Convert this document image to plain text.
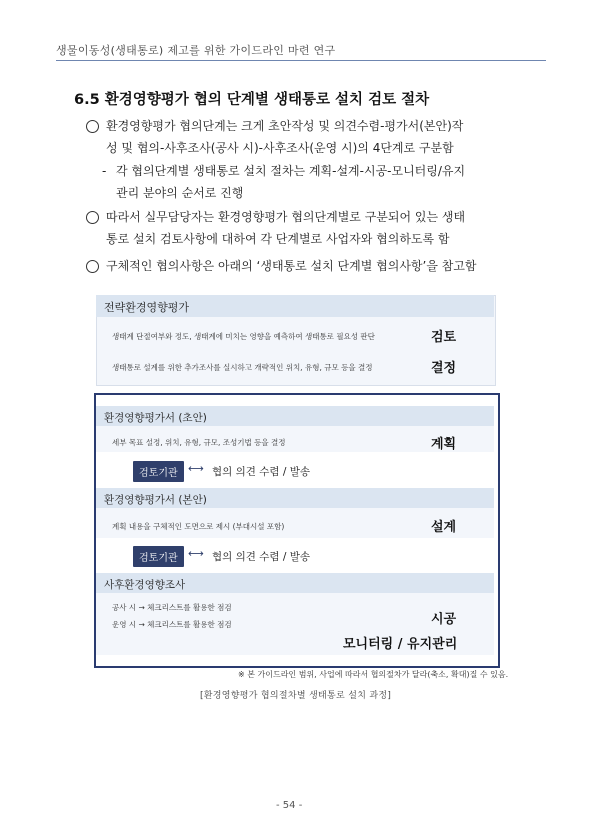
생물이동성(생태통로) 제고를 위한 가이드라인 마련 연구
6.5 환경영향평가 협의 단계별 생태통로 설치 검토 절차
환경영향평가 협의단계는 크게 초안작성 및 의견수렴-평가서(본안)작
성 및 협의-사후조사(공사 시)-사후조사(운영 시)의 4단계로 구분함
- 각 협의단계별 생태통로 설치 절차는 계획-설계-시공-모니터링/유지
관리 분야의 순서로 진행
따라서 실무담당자는 환경영향평가 협의단계별로 구분되어 있는 생태
통로 설치 검토사항에 대하여 각 단계별로 사업자와 협의하도록 함
구체적인 협의사항은 아래의 ‘생태통로 설치 단계별 협의사항’을 참고함
전략환경영향평가
생태계 단절여부와 정도, 생태계에 미치는 영향을 예측하여 생태통로 필요성 판단	검토
생태통로 설계를 위한 추가조사를 실시하고 개략적인 위치, 유형, 규모 등을 결정	결정
환경영향평가서 (초안)
세부 목표 설정, 위치, 유형, 규모, 조성기법 등을 결정	계획
검토기관 ⟷ 협의 의견 수렴 / 발송
환경영향평가서 (본안)
계획 내용을 구체적인 도면으로 제시 (부대시설 포함)	설계
검토기관 ⟷ 협의 의견 수렴 / 발송
사후환경영향조사
공사 시 → 체크리스트를 활용한 점검
운영 시 → 체크리스트를 활용한 점검	시공
모니터링 / 유지관리
※ 본 가이드라인 범위, 사업에 따라서 협의절차가 달라(축소, 확대)질 수 있음.
[환경영향평가 협의절차별 생태통로 설치 과정]
- 54 -
